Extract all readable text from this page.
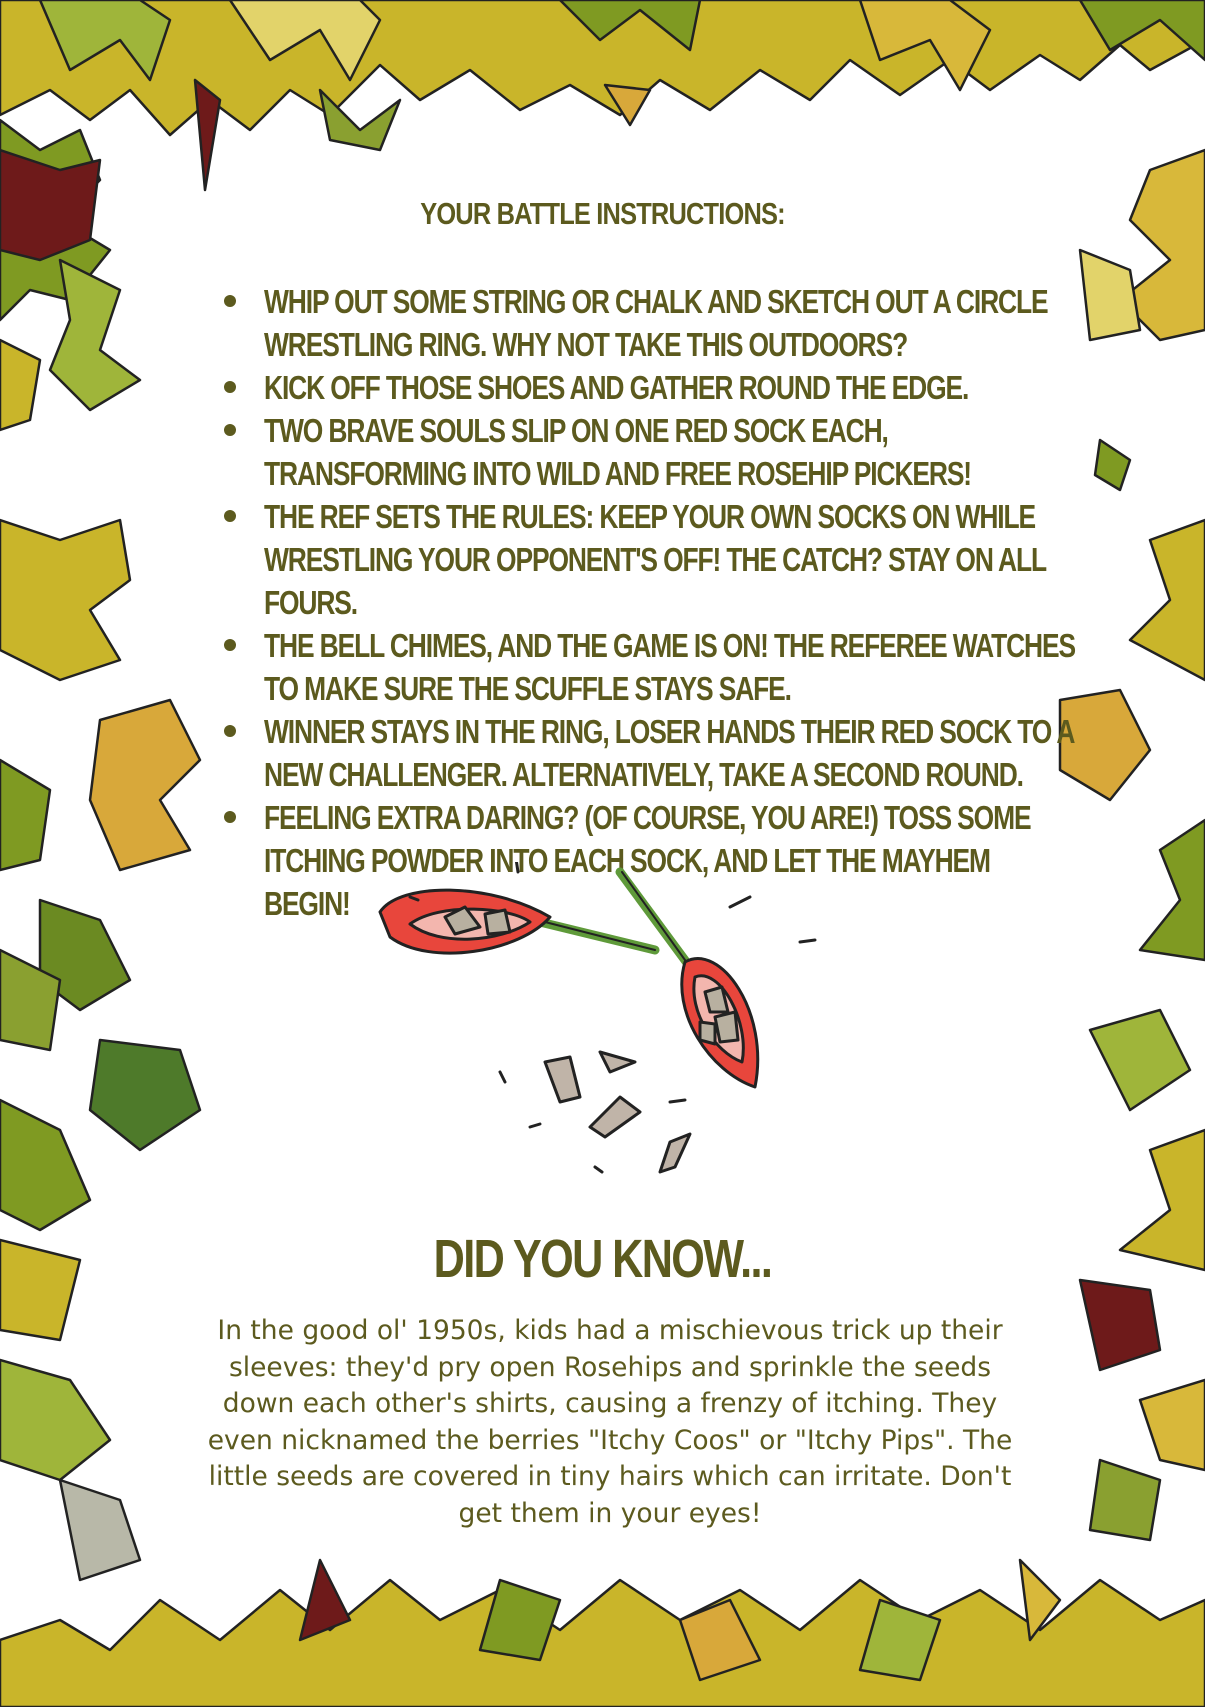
YOUR BATTLE INSTRUCTIONS:
WHIP OUT SOME STRING OR CHALK AND SKETCH OUT A CIRCLE WRESTLING RING. WHY NOT TAKE THIS OUTDOORS?
KICK OFF THOSE SHOES AND GATHER ROUND THE EDGE.
TWO BRAVE SOULS SLIP ON ONE RED SOCK EACH, TRANSFORMING INTO WILD AND FREE ROSEHIP PICKERS!
THE REF SETS THE RULES: KEEP YOUR OWN SOCKS ON WHILE WRESTLING YOUR OPPONENT'S OFF! THE CATCH? STAY ON ALL FOURS.
THE BELL CHIMES, AND THE GAME IS ON! THE REFEREE WATCHES TO MAKE SURE THE SCUFFLE STAYS SAFE.
WINNER STAYS IN THE RING, LOSER HANDS THEIR RED SOCK TO A NEW CHALLENGER. ALTERNATIVELY, TAKE A SECOND ROUND.
FEELING EXTRA DARING? (OF COURSE, YOU ARE!) TOSS SOME ITCHING POWDER INTO EACH SOCK, AND LET THE MAYHEM BEGIN!
DID YOU KNOW...

In the good ol' 1950s, kids had a mischievous trick up their sleeves: they'd pry open Rosehips and sprinkle the seeds down each other's shirts, causing a frenzy of itching. They even nicknamed the berries "Itchy Coos" or "Itchy Pips". The little seeds are covered in tiny hairs which can irritate. Don't get them in your eyes!
